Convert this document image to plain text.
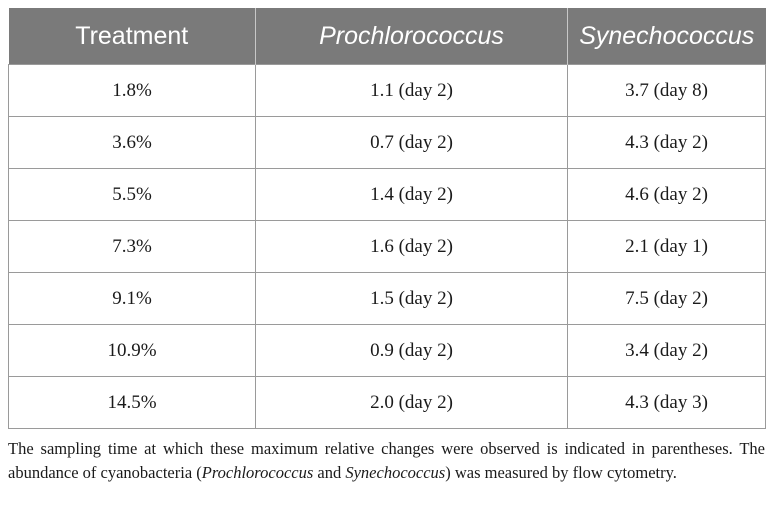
Treatment	Prochlorococcus	Synechococcus
1.8%	1.1 (day 2)	3.7 (day 8)
3.6%	0.7 (day 2)	4.3 (day 2)
5.5%	1.4 (day 2)	4.6 (day 2)
7.3%	1.6 (day 2)	2.1 (day 1)
9.1%	1.5 (day 2)	7.5 (day 2)
10.9%	0.9 (day 2)	3.4 (day 2)
14.5%	2.0 (day 2)	4.3 (day 3)

The sampling time at which these maximum relative changes were observed is indicated in parentheses. The abundance of cyanobacteria (Prochlorococcus and Synechococcus) was measured by flow cytometry.
